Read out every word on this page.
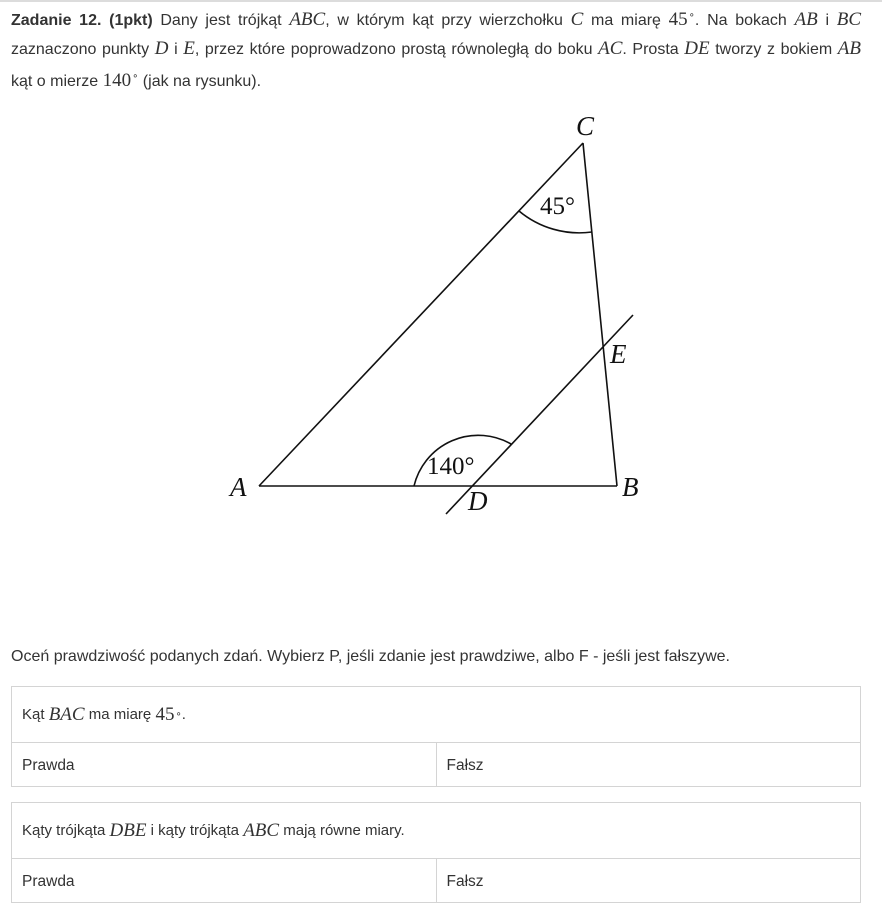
Zadanie 12. (1pkt) Dany jest trójkąt ABC, w którym kąt przy wierzchołku C ma miarę 45∘. Na bokach AB i BC zaznaczono punkty D i E, przez które poprowadzono prostą równoległą do boku AC. Prosta DE tworzy z bokiem AB kąt o mierze 140∘ (jak na rysunku).
C
A	B
D
E
45°
140°
Oceń prawdziwość podanych zdań. Wybierz P, jeśli zdanie jest prawdziwe, albo F - jeśli jest fałszywe.
Kąt
BAC
ma miarę
45 ∘ .
Prawda	Fałsz
Kąty trójkąta
DBE
i kąty trójkąta
ABC
mają równe miary.
Prawda	Fałsz
